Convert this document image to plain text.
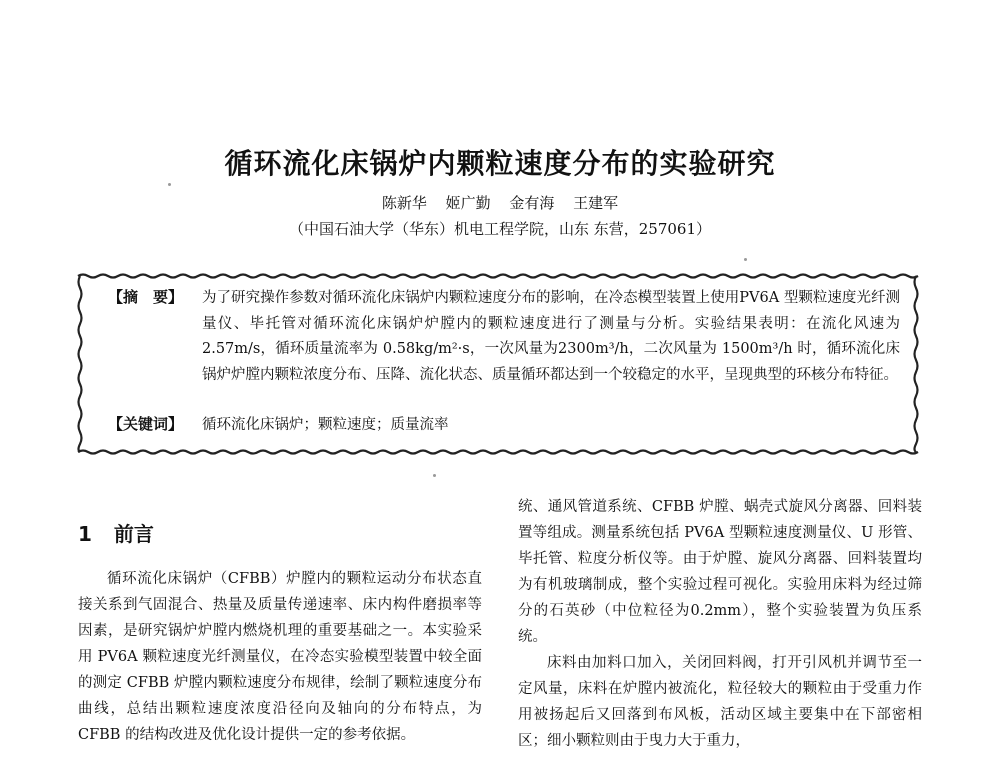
循环流化床锅炉内颗粒速度分布的实验研究
陈新华 姬广勤 金有海 王建军
（中国石油大学（华东）机电工程学院，山东 东营，257061）
【摘　要】 为了研究操作参数对循环流化床锅炉内颗粒速度分布的影响，在冷态模型装置上使用PV6A 型颗粒速度光纤测量仪、毕托管对循环流化床锅炉炉膛内的颗粒速度进行了测量与分析。实验结果表明：在流化风速为 2.57m/s，循环质量流率为 0.58kg/m²·s，一次风量为2300m³/h，二次风量为 1500m³/h 时，循环流化床锅炉炉膛内颗粒浓度分布、压降、流化状态、质量循环都达到一个较稳定的水平，呈现典型的环核分布特征。
【关键词】 循环流化床锅炉；颗粒速度；质量流率
1 前言

循环流化床锅炉（CFBB）炉膛内的颗粒运动分布状态直接关系到气固混合、热量及质量传递速率、床内构件磨损率等因素，是研究锅炉炉膛内燃烧机理的重要基础之一。本实验采用 PV6A 颗粒速度光纤测量仪，在冷态实验模型装置中较全面的测定 CFBB 炉膛内颗粒速度分布规律，绘制了颗粒速度分布曲线，总结出颗粒速度浓度沿径向及轴向的分布特点，为 CFBB 的结构改进及优化设计提供一定的参考依据。

统、通风管道系统、CFBB 炉膛、蜗壳式旋风分离器、回料装置等组成。测量系统包括 PV6A 型颗粒速度测量仪、U 形管、毕托管、粒度分析仪等。由于炉膛、旋风分离器、回料装置均为有机玻璃制成，整个实验过程可视化。实验用床料为经过筛分的石英砂（中位粒径为0.2mm），整个实验装置为负压系统。

床料由加料口加入，关闭回料阀，打开引风机并调节至一定风量，床料在炉膛内被流化，粒径较大的颗粒由于受重力作用被扬起后又回落到布风板，活动区域主要集中在下部密相区；细小颗粒则由于曳力大于重力，
